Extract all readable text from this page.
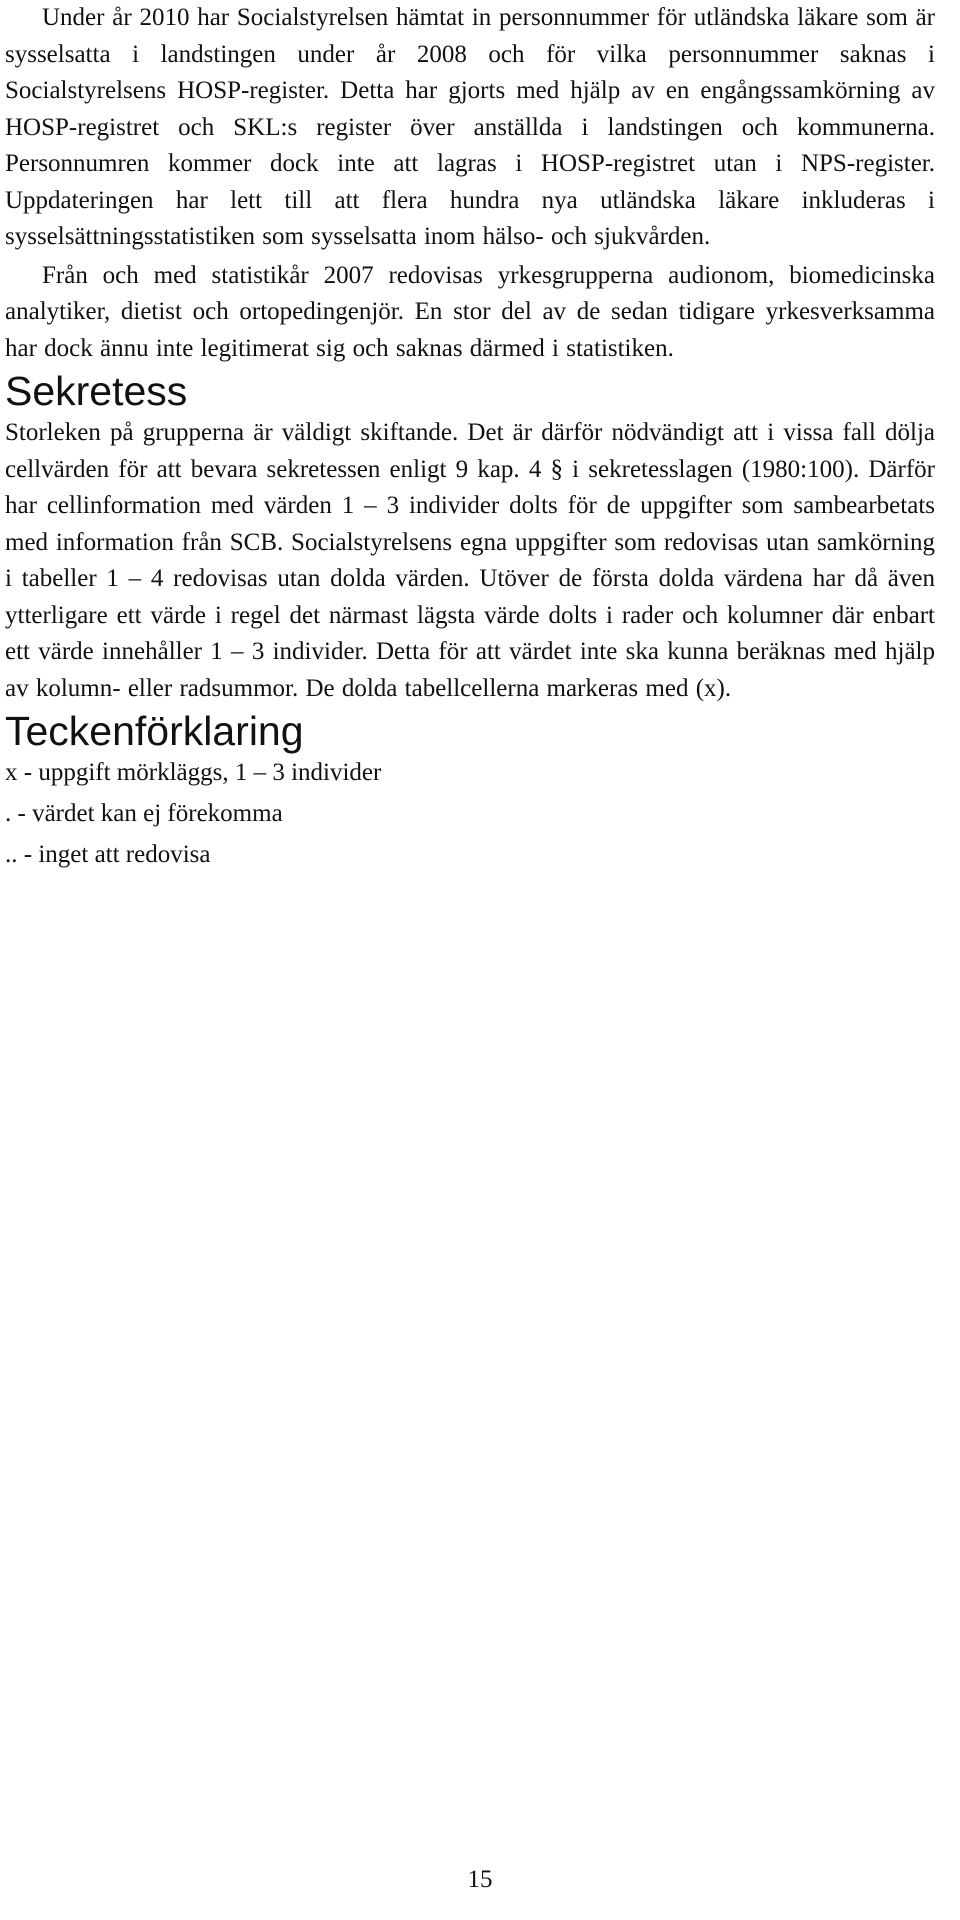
Under år 2010 har Socialstyrelsen hämtat in personnummer för utländska läkare som är sysselsatta i landstingen under år 2008 och för vilka personnummer saknas i Socialstyrelsens HOSP-register. Detta har gjorts med hjälp av en engångssamkörning av HOSP-registret och SKL:s register över anställda i landstingen och kommunerna. Personnumren kommer dock inte att lagras i HOSP-registret utan i NPS-register. Uppdateringen har lett till att flera hundra nya utländska läkare inkluderas i sysselsättningsstatistiken som sysselsatta inom hälso- och sjukvården.

Från och med statistikår 2007 redovisas yrkesgrupperna audionom, biomedicinska analytiker, dietist och ortopedingenjör. En stor del av de sedan tidigare yrkesverksamma har dock ännu inte legitimerat sig och saknas därmed i statistiken.

Sekretess

Storleken på grupperna är väldigt skiftande. Det är därför nödvändigt att i vissa fall dölja cellvärden för att bevara sekretessen enligt 9 kap. 4 § i sekretesslagen (1980:100). Därför har cellinformation med värden 1 – 3 individer dolts för de uppgifter som sambearbetats med information från SCB. Socialstyrelsens egna uppgifter som redovisas utan samkörning i tabeller 1 – 4 redovisas utan dolda värden. Utöver de första dolda värdena har då även ytterligare ett värde i regel det närmast lägsta värde dolts i rader och kolumner där enbart ett värde innehåller 1 – 3 individer. Detta för att värdet inte ska kunna beräknas med hjälp av kolumn- eller radsummor. De dolda tabellcellerna markeras med (x).

Teckenförklaring
x - uppgift mörkläggs, 1 – 3 individer
. - värdet kan ej förekomma
.. - inget att redovisa
15
